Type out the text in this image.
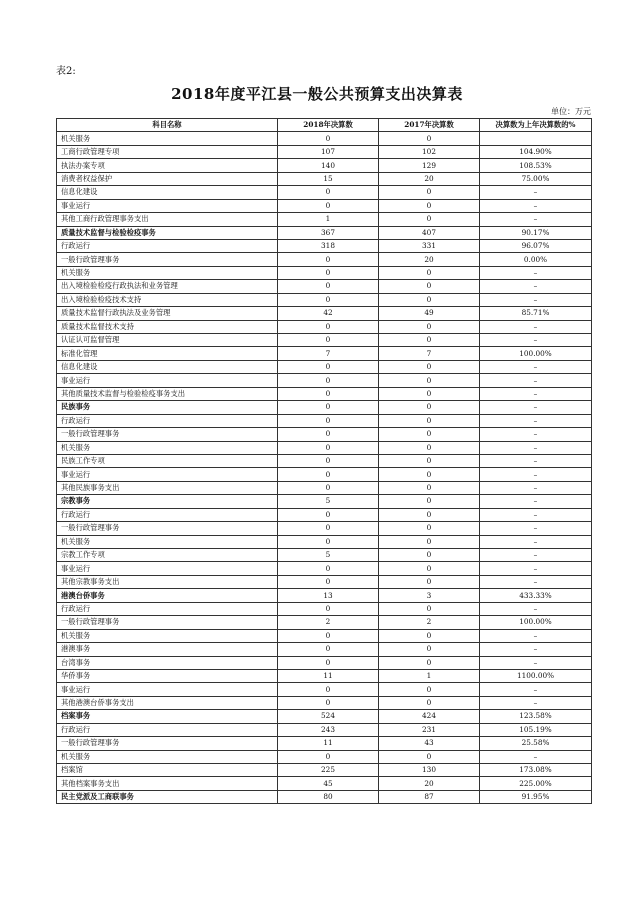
表2:
2018年度平江县一般公共预算支出决算表
单位：万元
科目名称	2018年决算数	2017年决算数	决算数为上年决算数的%
机关服务	0	0	
工商行政管理专项	107	102	104.90%
执法办案专项	140	129	108.53%
消费者权益保护	15	20	75.00%
信息化建设	0	0	–
事业运行	0	0	–
其他工商行政管理事务支出	1	0	–
质量技术监督与检验检疫事务	367	407	90.17%
行政运行	318	331	96.07%
一般行政管理事务	0	20	0.00%
机关服务	0	0	–
出入境检验检疫行政执法和业务管理	0	0	–
出入境检验检疫技术支持	0	0	–
质量技术监督行政执法及业务管理	42	49	85.71%
质量技术监督技术支持	0	0	–
认证认可监督管理	0	0	–
标准化管理	7	7	100.00%
信息化建设	0	0	–
事业运行	0	0	–
其他质量技术监督与检验检疫事务支出	0	0	–
民族事务	0	0	–
行政运行	0	0	–
一般行政管理事务	0	0	–
机关服务	0	0	–
民族工作专项	0	0	–
事业运行	0	0	–
其他民族事务支出	0	0	–
宗教事务	5	0	–
行政运行	0	0	–
一般行政管理事务	0	0	–
机关服务	0	0	–
宗教工作专项	5	0	–
事业运行	0	0	–
其他宗教事务支出	0	0	–
港澳台侨事务	13	3	433.33%
行政运行	0	0	–
一般行政管理事务	2	2	100.00%
机关服务	0	0	–
港澳事务	0	0	–
台湾事务	0	0	–
华侨事务	11	1	1100.00%
事业运行	0	0	–
其他港澳台侨事务支出	0	0	–
档案事务	524	424	123.58%
行政运行	243	231	105.19%
一般行政管理事务	11	43	25.58%
机关服务	0	0	–
档案馆	225	130	173.08%
其他档案事务支出	45	20	225.00%
民主党派及工商联事务	80	87	91.95%
